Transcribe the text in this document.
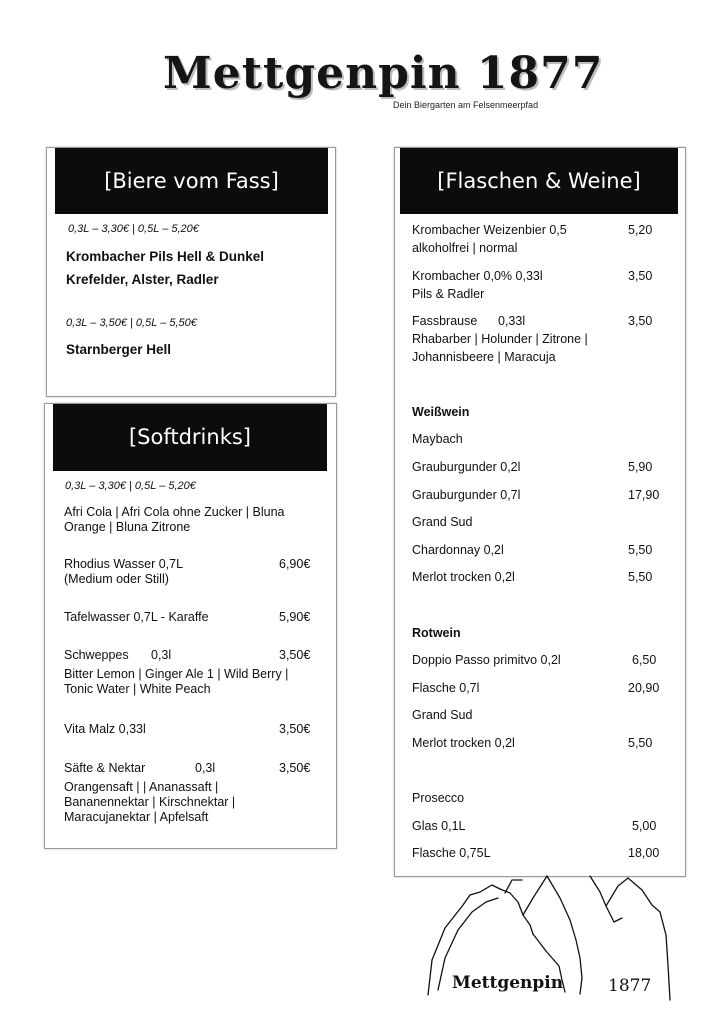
Mettgenpin 1877
Dein Biergarten am Felsenmeerpfad
[Biere vom Fass]
0,3L – 3,30€ | 0,5L – 5,20€
Krombacher Pils Hell & Dunkel
Krefelder, Alster, Radler
0,3L – 3,50€ | 0,5L – 5,50€
Starnberger Hell
[Softdrinks]
0,3L – 3,30€ | 0,5L – 5,20€
Afri Cola | Afri Cola ohne Zucker | Bluna
Orange | Bluna Zitrone
Rhodius Wasser 0,7L	6,90€
(Medium oder Still)
Tafelwasser 0,7L - Karaffe	5,90€
Schweppes 0,3l	3,50€
Bitter Lemon | Ginger Ale 1 | Wild Berry |
Tonic Water | White Peach
Vita Malz 0,33l	3,50€
Säfte & Nektar	0,3l	3,50€
Orangensaft | | Ananassaft |
Bananennektar | Kirschnektar |
Maracujanektar | Apfelsaft
[Flaschen & Weine]
Krombacher Weizenbier 0,5	5,20
alkoholfrei | normal
Krombacher 0,0% 0,33l	3,50
Pils & Radler
Fassbrause 0,33l	3,50
Rhabarber | Holunder | Zitrone |
Johannisbeere | Maracuja
Weißwein
Maybach
Grauburgunder 0,2l	5,90
Grauburgunder 0,7l	17,90
Grand Sud
Chardonnay 0,2l	5,50
Merlot trocken 0,2l	5,50
Rotwein
Doppio Passo primitvo 0,2l	6,50
Flasche 0,7l	20,90
Grand Sud
Merlot trocken 0,2l	5,50
Prosecco
Glas 0,1L	5,00
Flasche 0,75L	18,00
Mettgenpin	1877
